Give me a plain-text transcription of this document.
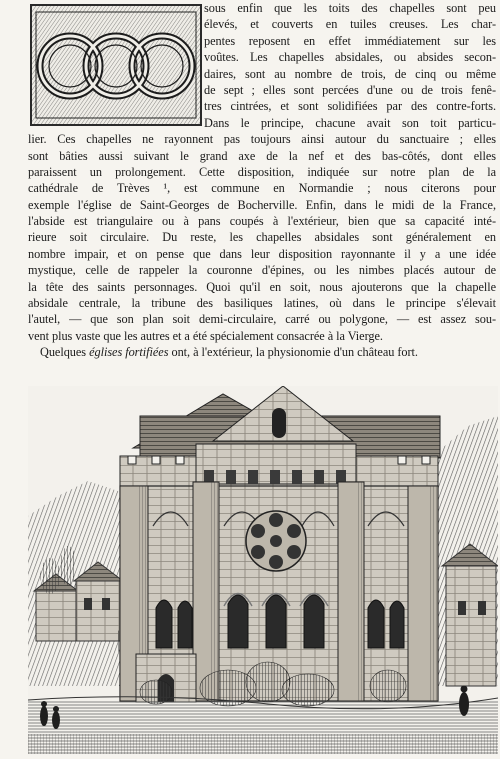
sous enfin que les toits des chapelles sont peu
élevés, et couverts en tuiles creuses. Les char-
pentes reposent en effet immédiatement sur les
voûtes. Les chapelles absidales, ou absides secon-
daires, sont au nombre de trois, de cinq ou même
de sept ; elles sont percées d'une ou de trois fenê-
tres cintrées, et sont solidifiées par des contre-forts.
Dans le principe, chacune avait son toit particu-
lier. Ces chapelles ne rayonnent pas toujours ainsi autour du sanctuaire ; elles
sont bâties aussi suivant le grand axe de la nef et des bas-côtés, dont elles
paraissent un prolongement. Cette disposition, indiquée sur notre plan de la
cathédrale de Trèves ¹, est commune en Normandie ; nous citerons pour
exemple l'église de Saint-Georges de Bocherville. Enfin, dans le midi de la France,
l'abside est triangulaire ou à pans coupés à l'extérieur, bien que sa capacité inté-
rieure soit circulaire. Du reste, les chapelles absidales sont généralement en
nombre impair, et on pense que dans leur disposition rayonnante il y a une idée
mystique, celle de rappeler la couronne d'épines, ou les nimbes placés autour de
la tête des saints personnages. Quoi qu'il en soit, nous ajouterons que la chapelle
absidale centrale, la tribune des basiliques latines, où dans le principe s'élevait
l'autel, — que son plan soit demi-circulaire, carré ou polygone, — est assez sou-
vent plus vaste que les autres et a été spécialement consacrée à la Vierge.
Quelques églises fortifiées ont, à l'extérieur, la physionomie d'un château fort.
